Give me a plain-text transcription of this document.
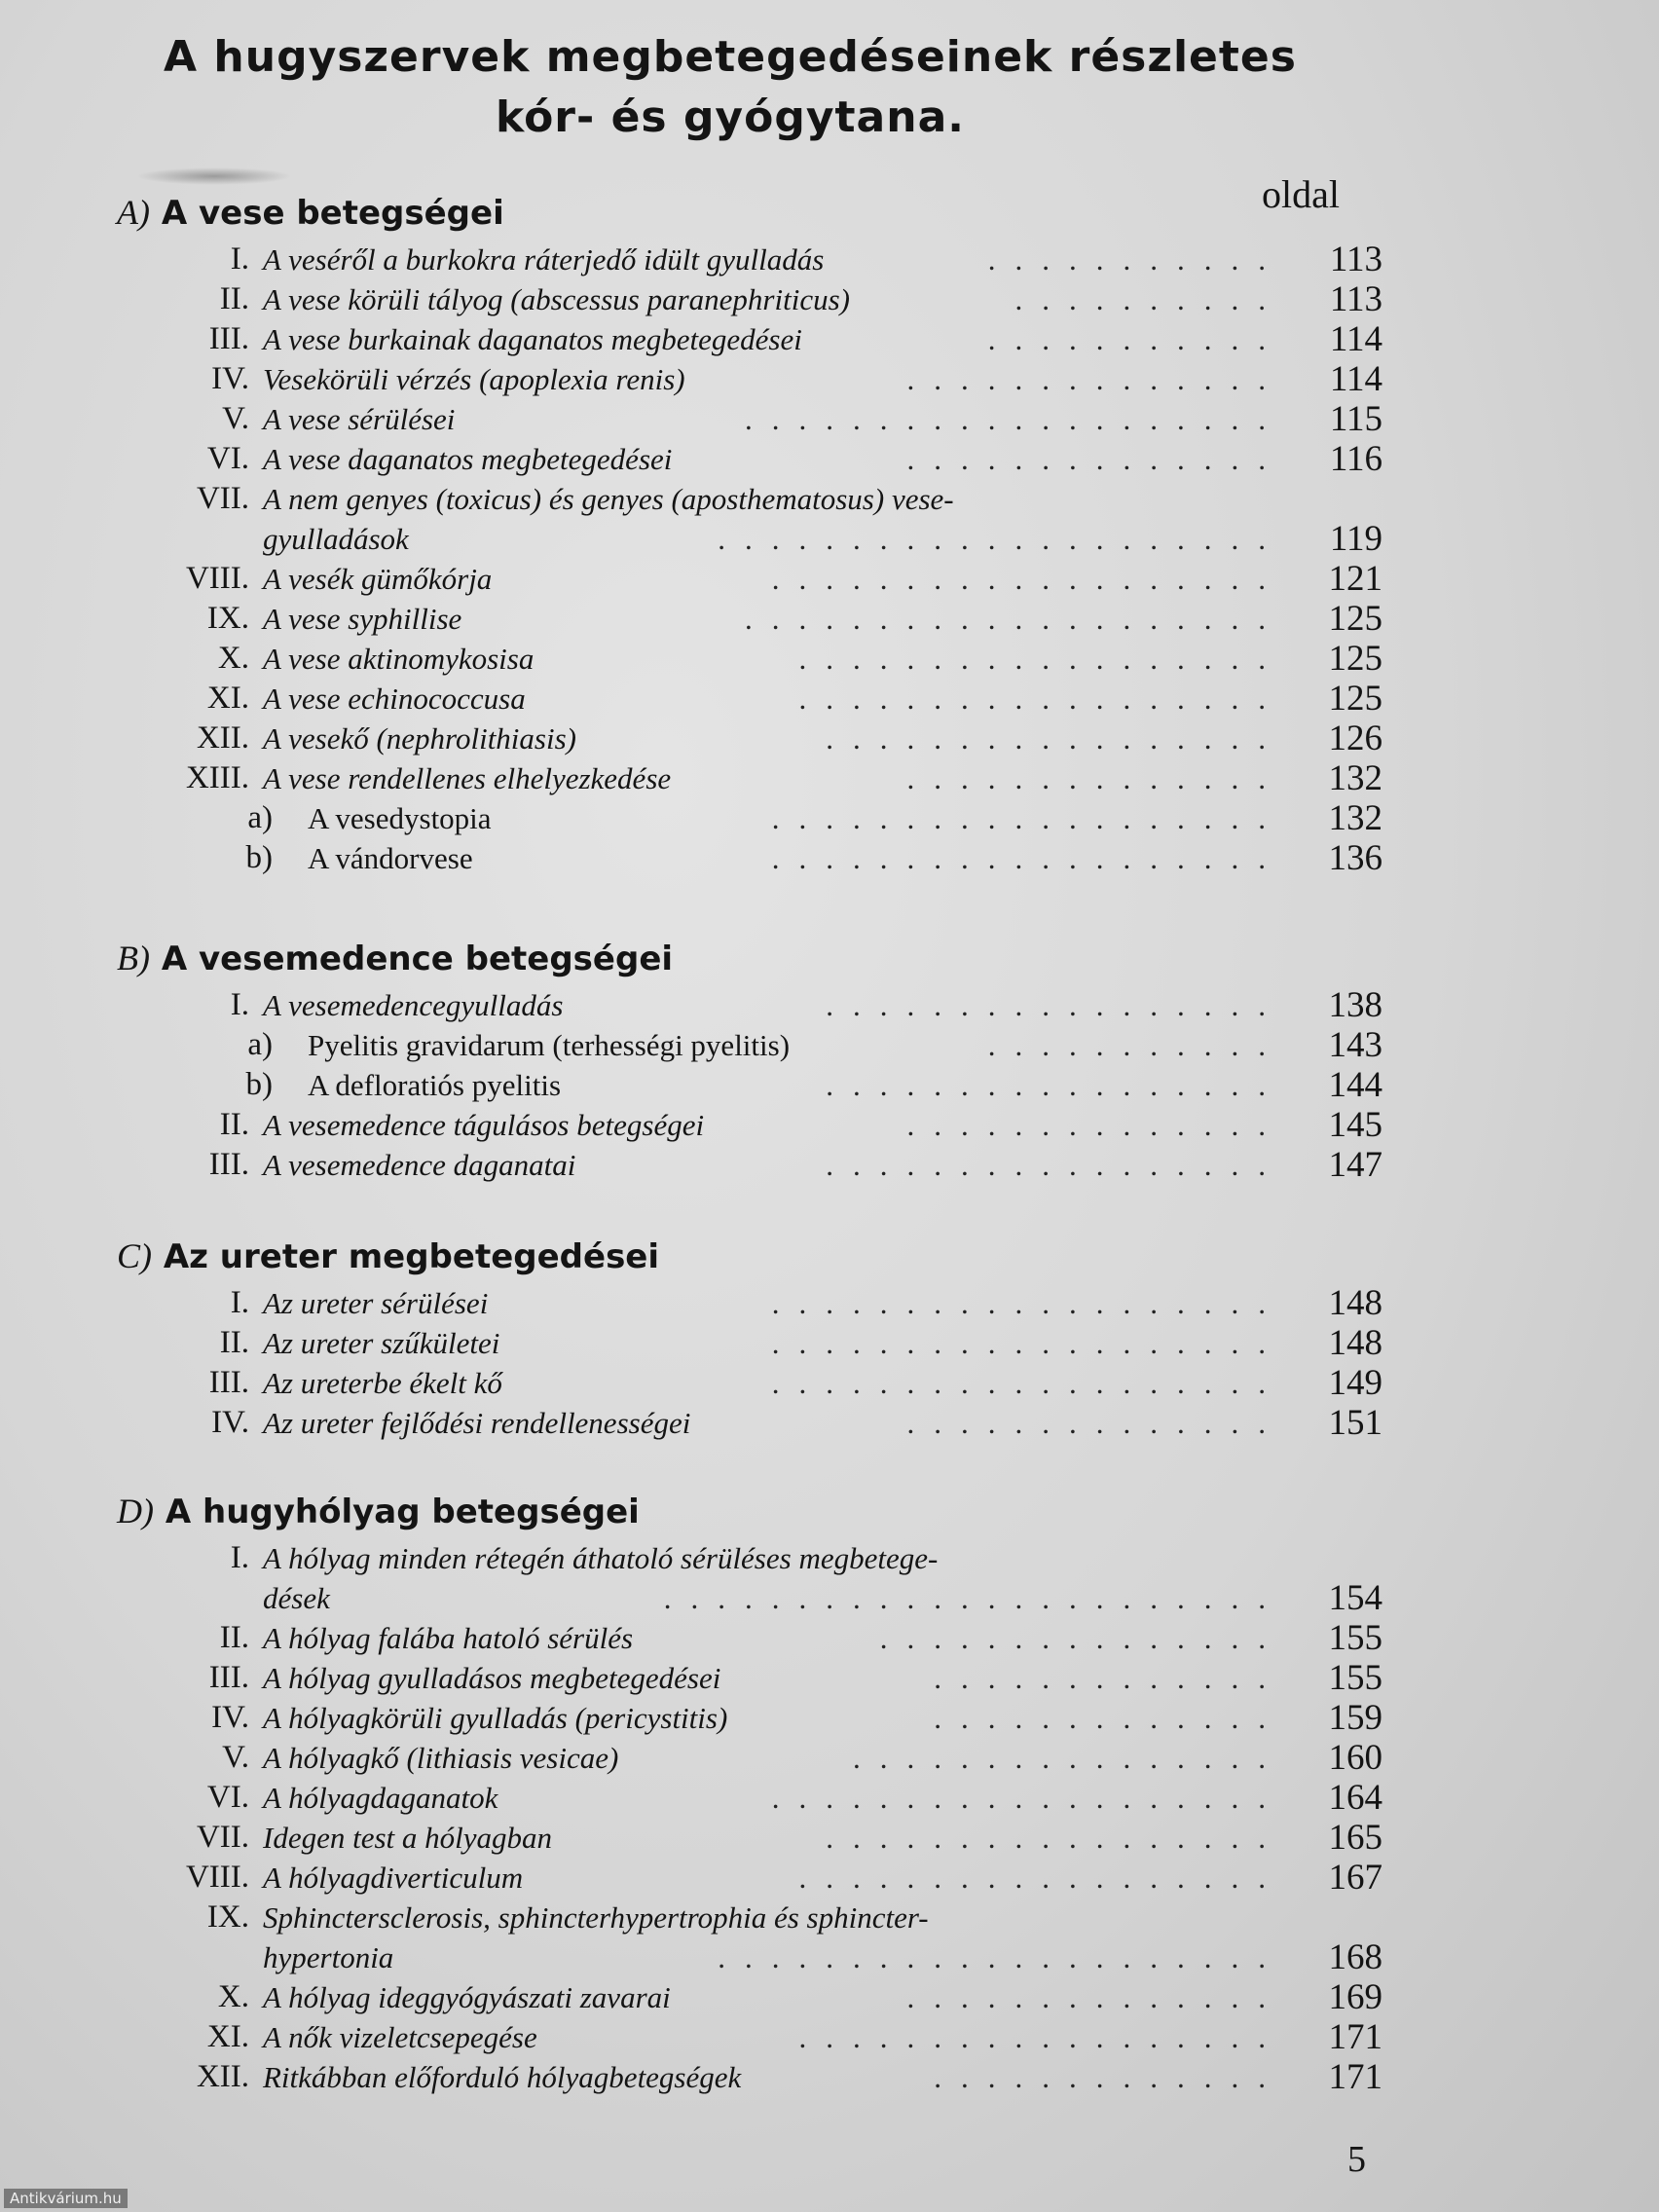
A hugyszervek megbetegedéseinek részletes
kór- és gyógytana.
oldal
A) A vese betegségei
I. A veséről a burkokra ráterjedő idült gyulladás	...........	113
II. A vese körüli tályog (abscessus paranephriticus)	..........	113
III. A vese burkainak daganatos megbetegedései	...........	114
IV. Vesekörüli vérzés (apoplexia renis)	..............	114
V. A vese sérülései	....................	115
VI. A vese daganatos megbetegedései	..............	116
VII. A nem genyes (toxicus) és genyes (aposthematosus) vese-
gyulladások	.....................	119
VIII. A vesék gümőkórja	...................	121
IX. A vese syphillise	....................	125
X. A vese aktinomykosisa	..................	125
XI. A vese echinococcusa	..................	125
XII. A vesekő (nephrolithiasis)	.................	126
XIII. A vese rendellenes elhelyezkedése	..............	132
a) A vesedystopia	...................	132
b) A vándorvese	...................	136
B) A vesemedence betegségei
I. A vesemedencegyulladás	.................	138
a) Pyelitis gravidarum (terhességi pyelitis)	...........	143
b) A defloratiós pyelitis	.................	144
II. A vesemedence tágulásos betegségei	..............	145
III. A vesemedence daganatai	.................	147
C) Az ureter megbetegedései
I. Az ureter sérülései	...................	148
II. Az ureter szűkületei	...................	148
III. Az ureterbe ékelt kő	...................	149
IV. Az ureter fejlődési rendellenességei	..............	151
D) A hugyhólyag betegségei
I. A hólyag minden rétegén áthatoló sérüléses megbetege-
dések	.......................	154
II. A hólyag falába hatoló sérülés	...............	155
III. A hólyag gyulladásos megbetegedései	.............	155
IV. A hólyagkörüli gyulladás (pericystitis)	.............	159
V. A hólyagkő (lithiasis vesicae)	................	160
VI. A hólyagdaganatok	...................	164
VII. Idegen test a hólyagban	.................	165
VIII. A hólyagdiverticulum	..................	167
IX. Sphinctersclerosis, sphincterhypertrophia és sphincter-
hypertonia	.....................	168
X. A hólyag ideggyógyászati zavarai	..............	169
XI. A nők vizeletcsepegése	..................	171
XII. Ritkábban előforduló hólyagbetegségek	.............	171
5
Antikvárium.hu
